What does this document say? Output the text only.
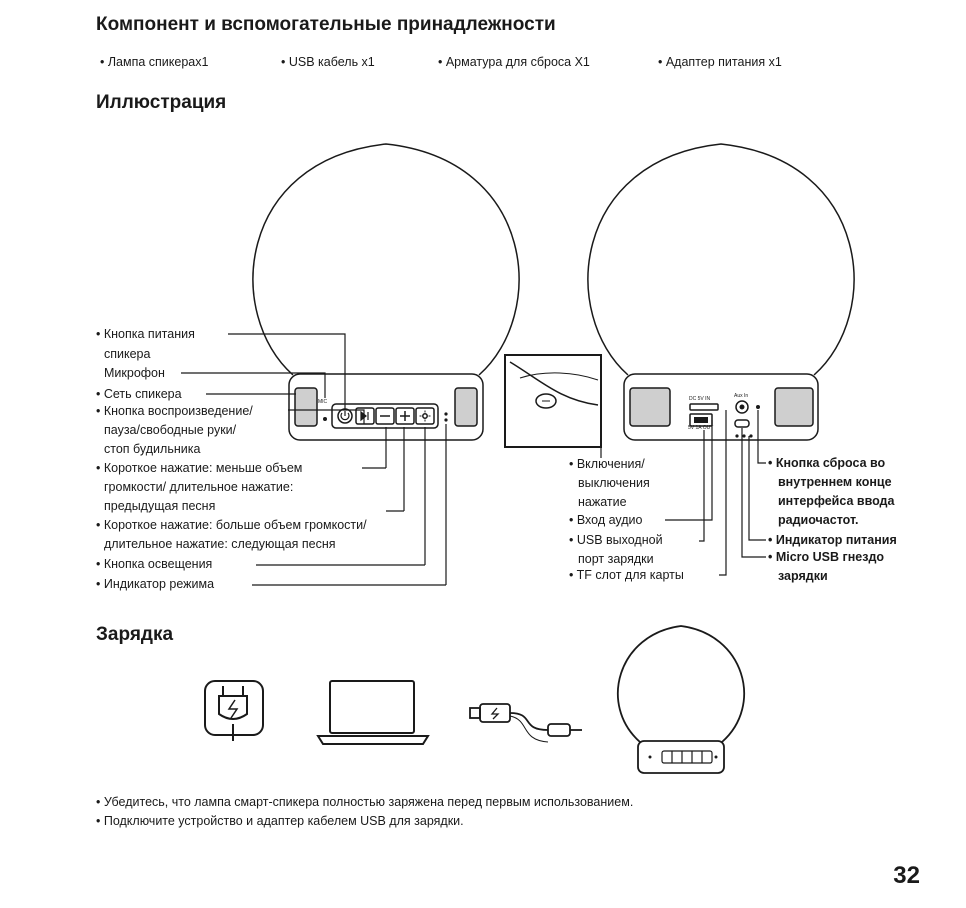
Компонент и вспомогательные принадлежности
• Лампа спикерах1	• USB кабель x1	• Арматура для сброса X1	• Адаптер питания x1
Иллюстрация
MIC
5V 1A OUT
Aux In
DC 5V IN
• Кнопка питания
спикера
Микрофон
• Сеть спикера
• Кнопка воспроизведение/
пауза/свободные руки/
стоп будильника
• Короткое нажатие: меньше объем
громкости/ длительное нажатие:
предыдущая песня
• Короткое нажатие: больше объем громкости/
длительное нажатие: следующая песня
• Кнопка освещения
• Индикатор режима
• Включения/
выключения
нажатие
• Вход аудио
• USB выходной
порт зарядки
• TF слот для карты
• Кнопка сброса во
внутреннем конце
интерфейса ввода
радиочастот.
• Индикатор питания
• Micro USB гнездо
зарядки
Зарядка
• Убедитесь, что лампа смарт-спикера полностью заряжена перед первым использованием.
• Подключите устройство и адаптер кабелем USB для зарядки.
32
